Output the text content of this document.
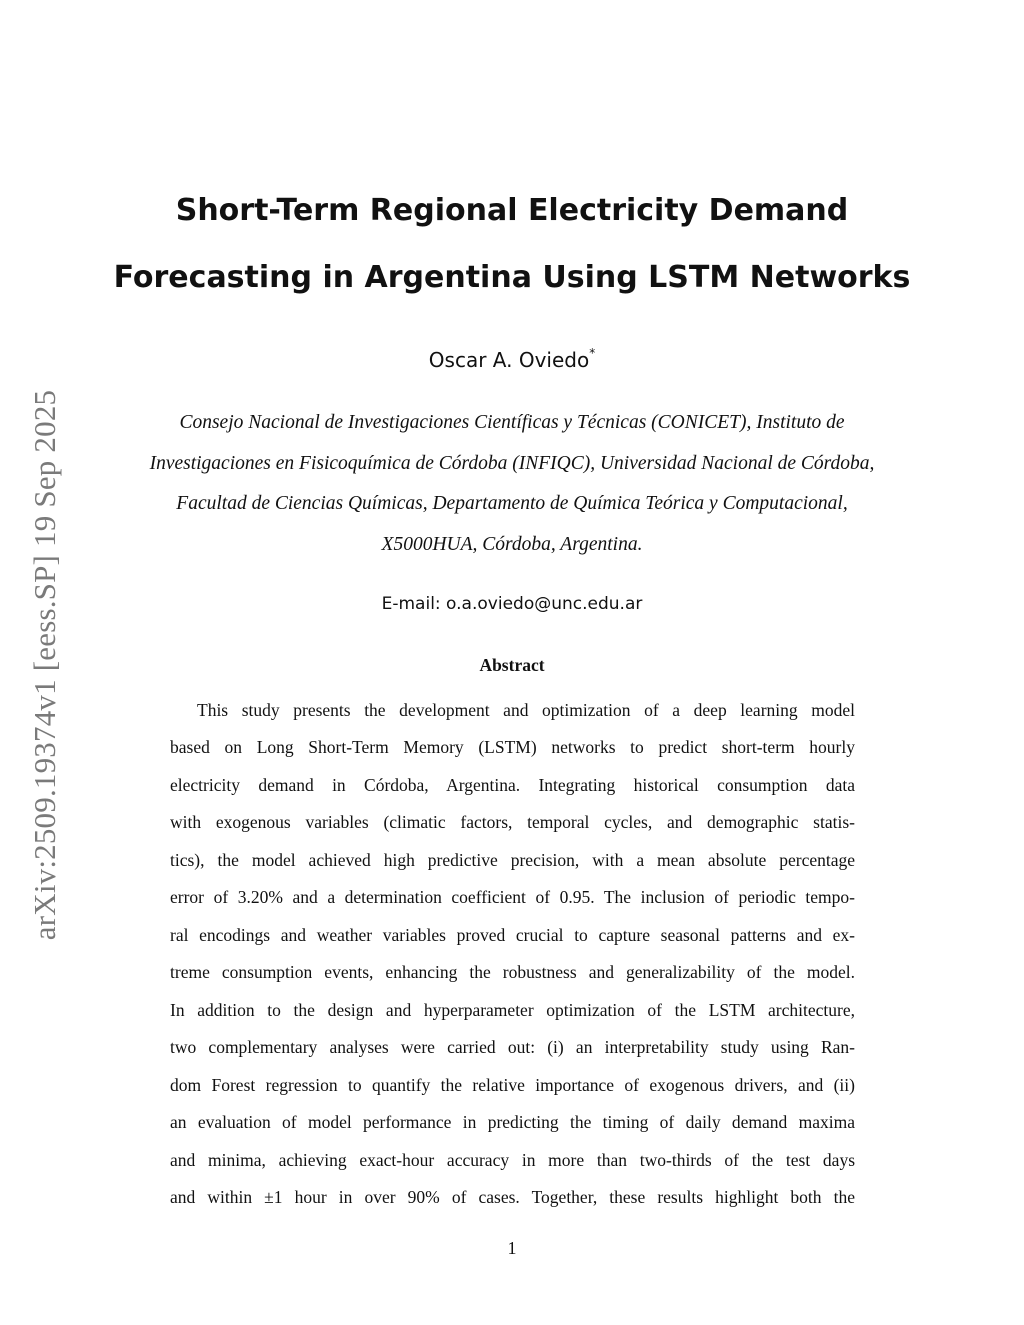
arXiv:2509.19374v1 [eess.SP] 19 Sep 2025
Short-Term Regional Electricity Demand
Forecasting in Argentina Using LSTM Networks
Oscar A. Oviedo*
Consejo Nacional de Investigaciones Científicas y Técnicas (CONICET), Instituto de
Investigaciones en Fisicoquímica de Córdoba (INFIQC), Universidad Nacional de Córdoba,
Facultad de Ciencias Químicas, Departamento de Química Teórica y Computacional,
X5000HUA, Córdoba, Argentina.
E-mail: o.a.oviedo@unc.edu.ar
Abstract
This study presents the development and optimization of a deep learning model
based on Long Short-Term Memory (LSTM) networks to predict short-term hourly
electricity demand in Córdoba, Argentina. Integrating historical consumption data
with exogenous variables (climatic factors, temporal cycles, and demographic statis-
tics), the model achieved high predictive precision, with a mean absolute percentage
error of 3.20% and a determination coefficient of 0.95. The inclusion of periodic tempo-
ral encodings and weather variables proved crucial to capture seasonal patterns and ex-
treme consumption events, enhancing the robustness and generalizability of the model.
In addition to the design and hyperparameter optimization of the LSTM architecture,
two complementary analyses were carried out: (i) an interpretability study using Ran-
dom Forest regression to quantify the relative importance of exogenous drivers, and (ii)
an evaluation of model performance in predicting the timing of daily demand maxima
and minima, achieving exact-hour accuracy in more than two-thirds of the test days
and within ±1 hour in over 90% of cases. Together, these results highlight both the
1
